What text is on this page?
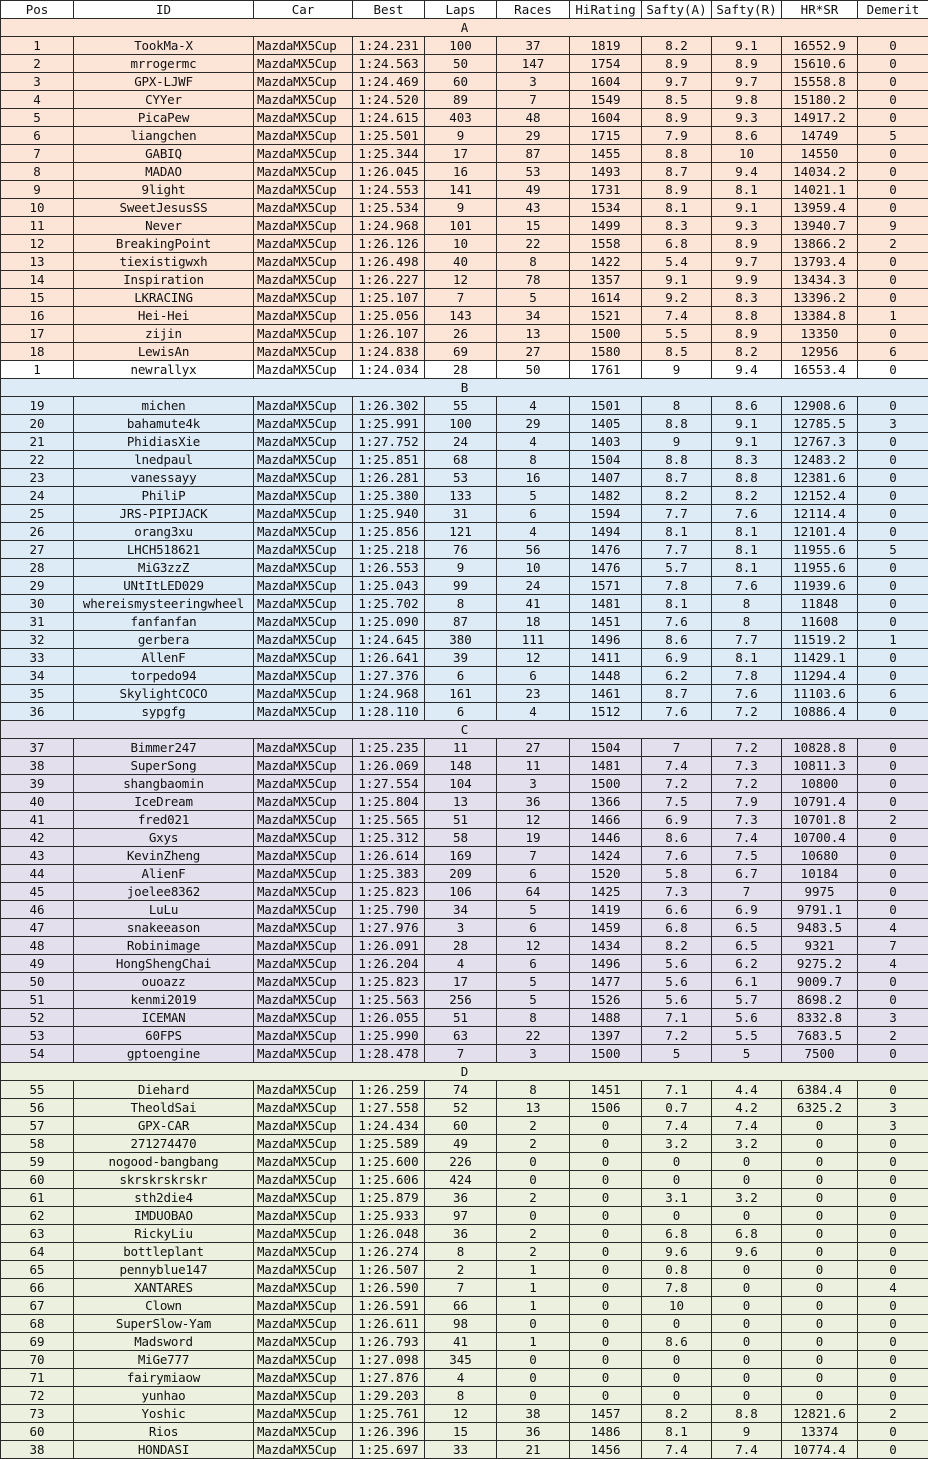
Pos	ID	Car	Best	Laps	Races	HiRating	Safty(A)	Safty(R)	HR*SR	Demerit
A										
1	TookMa-X	MazdaMX5Cup	1:24.231	100	37	1819	8.2	9.1	16552.9	0
2	mrrogermc	MazdaMX5Cup	1:24.563	50	147	1754	8.9	8.9	15610.6	0
3	GPX-LJWF	MazdaMX5Cup	1:24.469	60	3	1604	9.7	9.7	15558.8	0
4	CYYer	MazdaMX5Cup	1:24.520	89	7	1549	8.5	9.8	15180.2	0
5	PicaPew	MazdaMX5Cup	1:24.615	403	48	1604	8.9	9.3	14917.2	0
6	liangchen	MazdaMX5Cup	1:25.501	9	29	1715	7.9	8.6	14749	5
7	GABIQ	MazdaMX5Cup	1:25.344	17	87	1455	8.8	10	14550	0
8	MADAO	MazdaMX5Cup	1:26.045	16	53	1493	8.7	9.4	14034.2	0
9	9light	MazdaMX5Cup	1:24.553	141	49	1731	8.9	8.1	14021.1	0
10	SweetJesusSS	MazdaMX5Cup	1:25.534	9	43	1534	8.1	9.1	13959.4	0
11	Never	MazdaMX5Cup	1:24.968	101	15	1499	8.3	9.3	13940.7	9
12	BreakingPoint	MazdaMX5Cup	1:26.126	10	22	1558	6.8	8.9	13866.2	2
13	tiexistigwxh	MazdaMX5Cup	1:26.498	40	8	1422	5.4	9.7	13793.4	0
14	Inspiration	MazdaMX5Cup	1:26.227	12	78	1357	9.1	9.9	13434.3	0
15	LKRACING	MazdaMX5Cup	1:25.107	7	5	1614	9.2	8.3	13396.2	0
16	Hei-Hei	MazdaMX5Cup	1:25.056	143	34	1521	7.4	8.8	13384.8	1
17	zijin	MazdaMX5Cup	1:26.107	26	13	1500	5.5	8.9	13350	0
18	LewisAn	MazdaMX5Cup	1:24.838	69	27	1580	8.5	8.2	12956	6
1	newrallyx	MazdaMX5Cup	1:24.034	28	50	1761	9	9.4	16553.4	0
B										
19	michen	MazdaMX5Cup	1:26.302	55	4	1501	8	8.6	12908.6	0
20	bahamute4k	MazdaMX5Cup	1:25.991	100	29	1405	8.8	9.1	12785.5	3
21	PhidiasXie	MazdaMX5Cup	1:27.752	24	4	1403	9	9.1	12767.3	0
22	lnedpaul	MazdaMX5Cup	1:25.851	68	8	1504	8.8	8.3	12483.2	0
23	vanessayy	MazdaMX5Cup	1:26.281	53	16	1407	8.7	8.8	12381.6	0
24	PhiliP	MazdaMX5Cup	1:25.380	133	5	1482	8.2	8.2	12152.4	0
25	JRS-PIPIJACK	MazdaMX5Cup	1:25.940	31	6	1594	7.7	7.6	12114.4	0
26	orang3xu	MazdaMX5Cup	1:25.856	121	4	1494	8.1	8.1	12101.4	0
27	LHCH518621	MazdaMX5Cup	1:25.218	76	56	1476	7.7	8.1	11955.6	5
28	MiG3zzZ	MazdaMX5Cup	1:26.553	9	10	1476	5.7	8.1	11955.6	0
29	UNtItLED029	MazdaMX5Cup	1:25.043	99	24	1571	7.8	7.6	11939.6	0
30	whereismysteeringwheel	MazdaMX5Cup	1:25.702	8	41	1481	8.1	8	11848	0
31	fanfanfan	MazdaMX5Cup	1:25.090	87	18	1451	7.6	8	11608	0
32	gerbera	MazdaMX5Cup	1:24.645	380	111	1496	8.6	7.7	11519.2	1
33	AllenF	MazdaMX5Cup	1:26.641	39	12	1411	6.9	8.1	11429.1	0
34	torpedo94	MazdaMX5Cup	1:27.376	6	6	1448	6.2	7.8	11294.4	0
35	SkylightCOCO	MazdaMX5Cup	1:24.968	161	23	1461	8.7	7.6	11103.6	6
36	sypgfg	MazdaMX5Cup	1:28.110	6	4	1512	7.6	7.2	10886.4	0
C										
37	Bimmer247	MazdaMX5Cup	1:25.235	11	27	1504	7	7.2	10828.8	0
38	SuperSong	MazdaMX5Cup	1:26.069	148	11	1481	7.4	7.3	10811.3	0
39	shangbaomin	MazdaMX5Cup	1:27.554	104	3	1500	7.2	7.2	10800	0
40	IceDream	MazdaMX5Cup	1:25.804	13	36	1366	7.5	7.9	10791.4	0
41	fred021	MazdaMX5Cup	1:25.565	51	12	1466	6.9	7.3	10701.8	2
42	Gxys	MazdaMX5Cup	1:25.312	58	19	1446	8.6	7.4	10700.4	0
43	KevinZheng	MazdaMX5Cup	1:26.614	169	7	1424	7.6	7.5	10680	0
44	AlienF	MazdaMX5Cup	1:25.383	209	6	1520	5.8	6.7	10184	0
45	joelee8362	MazdaMX5Cup	1:25.823	106	64	1425	7.3	7	9975	0
46	LuLu	MazdaMX5Cup	1:25.790	34	5	1419	6.6	6.9	9791.1	0
47	snakeeason	MazdaMX5Cup	1:27.976	3	6	1459	6.8	6.5	9483.5	4
48	Robinimage	MazdaMX5Cup	1:26.091	28	12	1434	8.2	6.5	9321	7
49	HongShengChai	MazdaMX5Cup	1:26.204	4	6	1496	5.6	6.2	9275.2	4
50	ouoazz	MazdaMX5Cup	1:25.823	17	5	1477	5.6	6.1	9009.7	0
51	kenmi2019	MazdaMX5Cup	1:25.563	256	5	1526	5.6	5.7	8698.2	0
52	ICEMAN	MazdaMX5Cup	1:26.055	51	8	1488	7.1	5.6	8332.8	3
53	60FPS	MazdaMX5Cup	1:25.990	63	22	1397	7.2	5.5	7683.5	2
54	gptoengine	MazdaMX5Cup	1:28.478	7	3	1500	5	5	7500	0
D										
55	Diehard	MazdaMX5Cup	1:26.259	74	8	1451	7.1	4.4	6384.4	0
56	TheoldSai	MazdaMX5Cup	1:27.558	52	13	1506	0.7	4.2	6325.2	3
57	GPX-CAR	MazdaMX5Cup	1:24.434	60	2	0	7.4	7.4	0	3
58	271274470	MazdaMX5Cup	1:25.589	49	2	0	3.2	3.2	0	0
59	nogood-bangbang	MazdaMX5Cup	1:25.600	226	0	0	0	0	0	0
60	skrskrskrskr	MazdaMX5Cup	1:25.606	424	0	0	0	0	0	0
61	sth2die4	MazdaMX5Cup	1:25.879	36	2	0	3.1	3.2	0	0
62	IMDUOBAO	MazdaMX5Cup	1:25.933	97	0	0	0	0	0	0
63	RickyLiu	MazdaMX5Cup	1:26.048	36	2	0	6.8	6.8	0	0
64	bottleplant	MazdaMX5Cup	1:26.274	8	2	0	9.6	9.6	0	0
65	pennyblue147	MazdaMX5Cup	1:26.507	2	1	0	0.8	0	0	0
66	XANTARES	MazdaMX5Cup	1:26.590	7	1	0	7.8	0	0	4
67	Clown	MazdaMX5Cup	1:26.591	66	1	0	10	0	0	0
68	SuperSlow-Yam	MazdaMX5Cup	1:26.611	98	0	0	0	0	0	0
69	Madsword	MazdaMX5Cup	1:26.793	41	1	0	8.6	0	0	0
70	MiGe777	MazdaMX5Cup	1:27.098	345	0	0	0	0	0	0
71	fairymiaow	MazdaMX5Cup	1:27.876	4	0	0	0	0	0	0
72	yunhao	MazdaMX5Cup	1:29.203	8	0	0	0	0	0	0
73	Yoshic	MazdaMX5Cup	1:25.761	12	38	1457	8.2	8.8	12821.6	2
60	Rios	MazdaMX5Cup	1:26.396	15	36	1486	8.1	9	13374	0
38	HONDASI	MazdaMX5Cup	1:25.697	33	21	1456	7.4	7.4	10774.4	0
